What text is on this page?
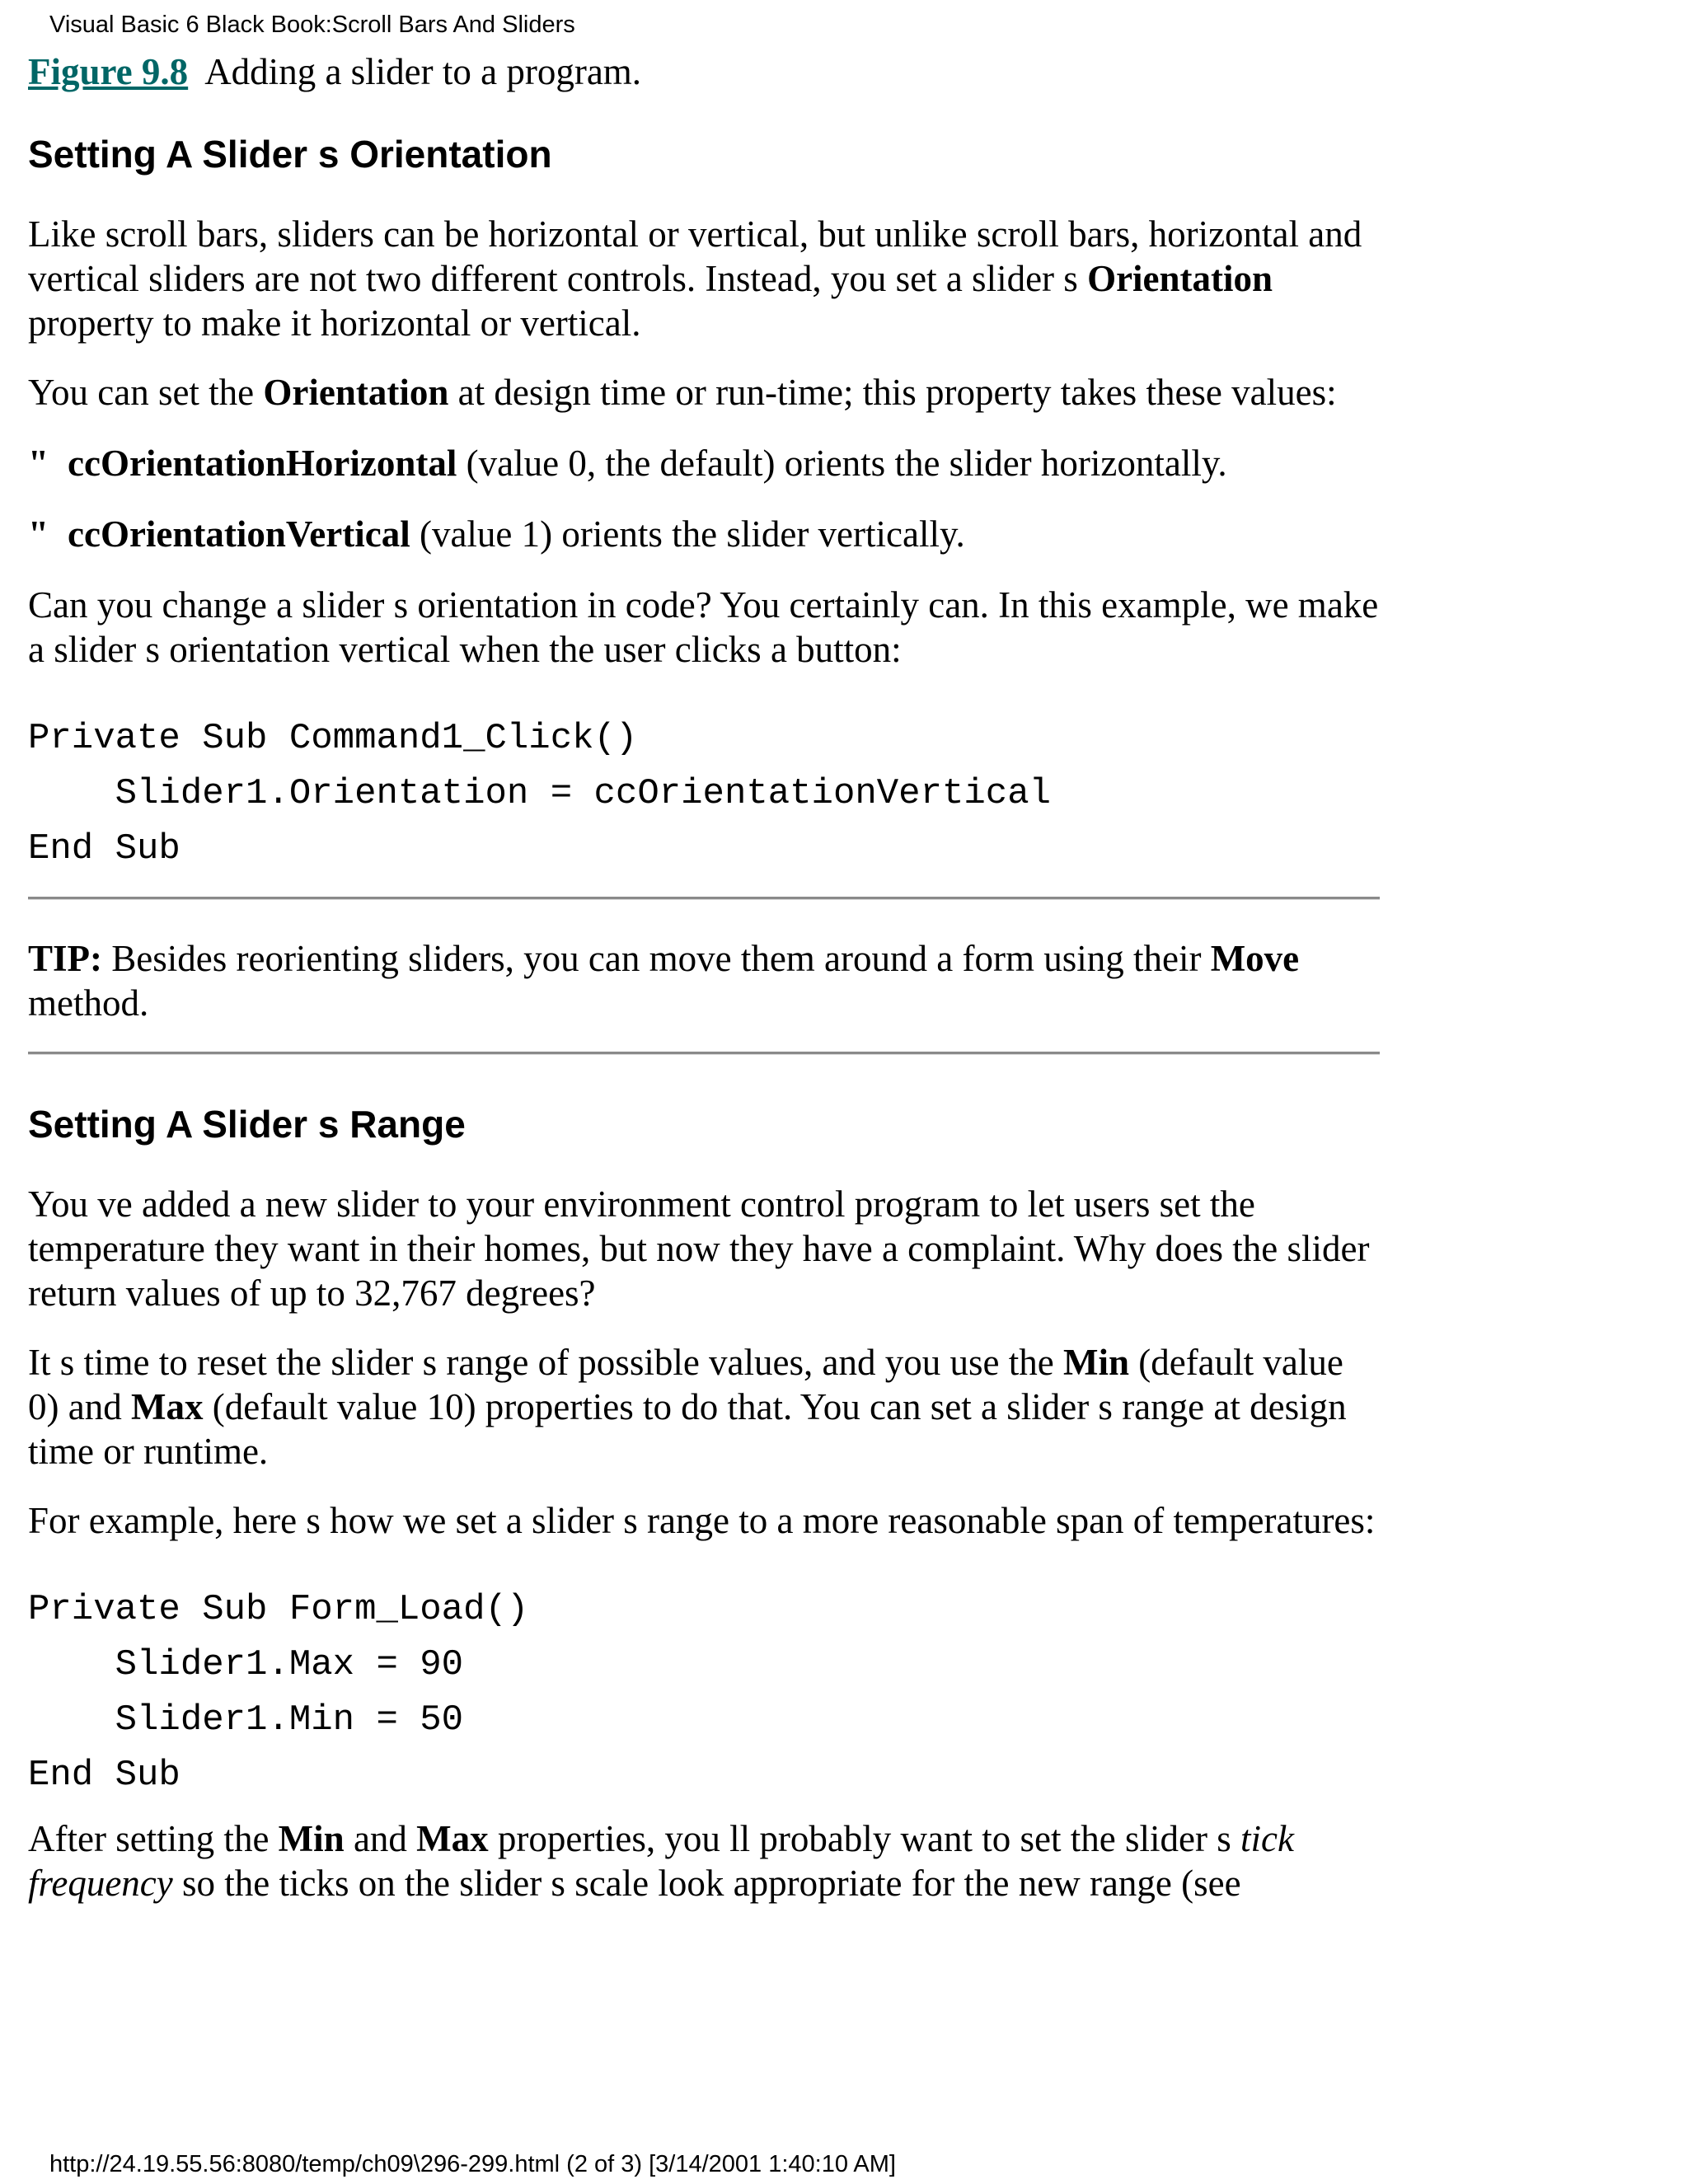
Visual Basic 6 Black Book:Scroll Bars And Sliders

Figure 9.8 Adding a slider to a program.

Setting A Slider s Orientation

Like scroll bars, sliders can be horizontal or vertical, but unlike scroll bars, horizontal and vertical sliders are not two different controls. Instead, you set a slider s Orientation property to make it horizontal or vertical.

You can set the Orientation at design time or run-time; this property takes these values:

" ccOrientationHorizontal (value 0, the default) orients the slider horizontally.
" ccOrientationVertical (value 1) orients the slider vertically.

Can you change a slider s orientation in code? You certainly can. In this example, we make a slider s orientation vertical when the user clicks a button:

Private Sub Command1_Click()
Slider1.Orientation = ccOrientationVertical
End Sub

TIP: Besides reorienting sliders, you can move them around a form using their Move method.

Setting A Slider s Range

You ve added a new slider to your environment control program to let users set the temperature they want in their homes, but now they have a complaint. Why does the slider return values of up to 32,767 degrees?

It s time to reset the slider s range of possible values, and you use the Min (default value 0) and Max (default value 10) properties to do that. You can set a slider s range at design time or runtime.

For example, here s how we set a slider s range to a more reasonable span of temperatures:

Private Sub Form_Load()
Slider1.Max = 90
Slider1.Min = 50
End Sub

After setting the Min and Max properties, you ll probably want to set the slider s tick frequency so the ticks on the slider s scale look appropriate for the new range (see

http://24.19.55.56:8080/temp/ch09\296-299.html (2 of 3) [3/14/2001 1:40:10 AM]
